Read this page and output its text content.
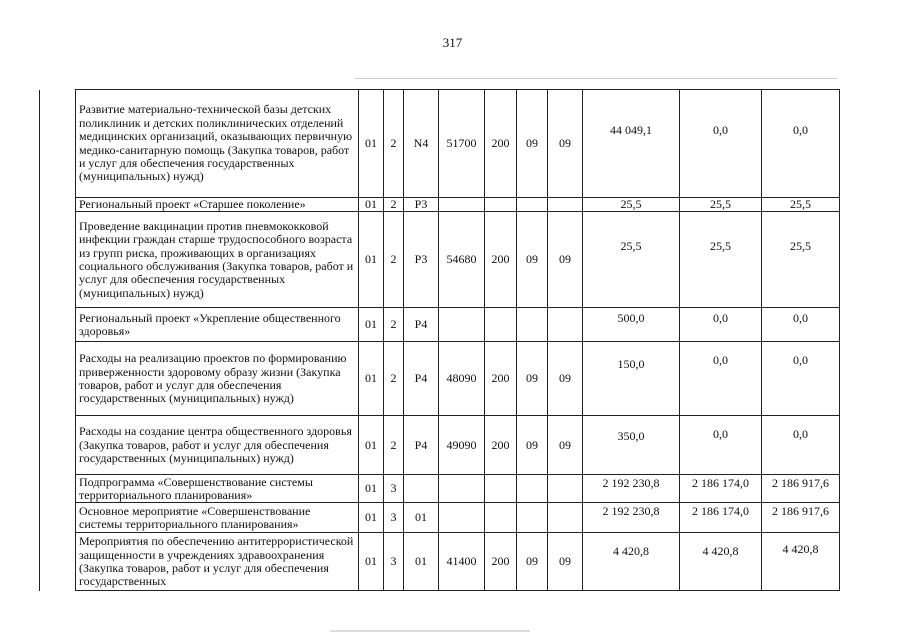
317
	Развитие материально-технической базы детских поликлиник и детских поликлинических отделений медицинских организаций, оказывающих первичную медико-санитарную помощь (Закупка товаров, работ и услуг для обеспечения государственных (муниципальных) нужд)	01	2	N4	51700	200	09	09	44 049,1	0,0	0,0
	Региональный проект «Старшее поколение»	01	2	Р3					25,5	25,5	25,5
	Проведение вакцинации против пневмококковой инфекции граждан старше трудоспособного возраста из групп риска, проживающих в организациях социального обслуживания (Закупка товаров, работ и услуг для обеспечения государственных (муниципальных) нужд)	01	2	Р3	54680	200	09	09	25,5	25,5	25,5
	Региональный проект «Укрепление общественного здоровья»	01	2	Р4					500,0	0,0	0,0
	Расходы на реализацию проектов по формированию приверженности здоровому образу жизни (Закупка товаров, работ и услуг для обеспечения государственных (муниципальных) нужд)	01	2	Р4	48090	200	09	09	150,0	0,0	0,0
	Расходы на создание центра общественного здоровья (Закупка товаров, работ и услуг для обеспечения государственных (муниципальных) нужд)	01	2	Р4	49090	200	09	09	350,0	0,0	0,0
	Подпрограмма «Совершенствование системы территориального планирования»	01	3						2 192 230,8	2 186 174,0	2 186 917,6
	Основное мероприятие «Совершенствование системы территориального планирования»	01	3	01					2 192 230,8	2 186 174,0	2 186 917,6
	Мероприятия по обеспечению антитеррористической защищенности в учреждениях здравоохранения (Закупка товаров, работ и услуг для обеспечения государственных	01	3	01	41400	200	09	09	4 420,8	4 420,8	4 420,8
